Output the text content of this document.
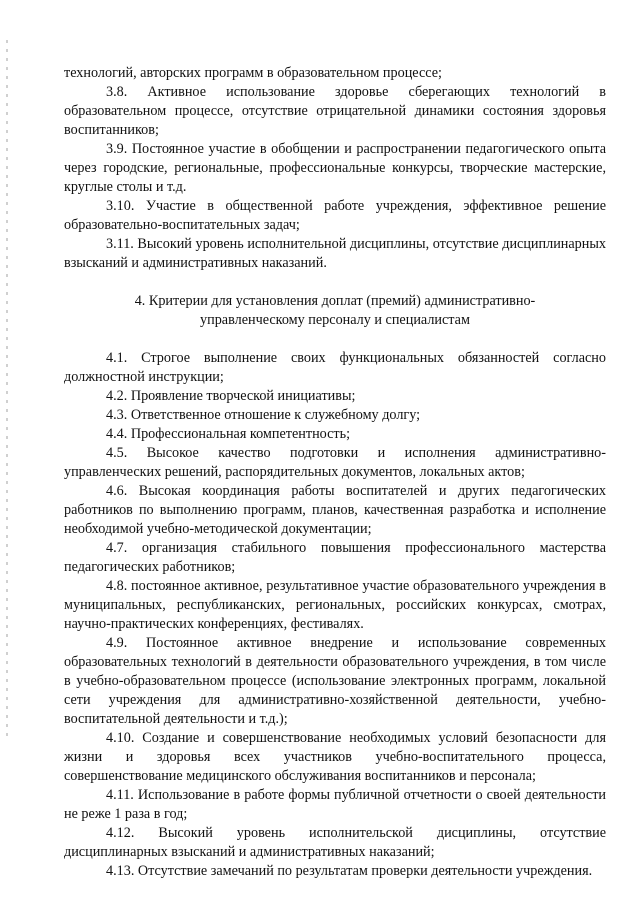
технологий, авторских программ в образовательном процессе;

3.8. Активное использование здоровье сберегающих технологий в образовательном процессе, отсутствие отрицательной динамики состояния здоровья воспитанников;

3.9. Постоянное участие в обобщении и распространении педагогического опыта через городские, региональные, профессиональные конкурсы, творческие мастерские, круглые столы и т.д.

3.10. Участие в общественной работе учреждения, эффективное решение образовательно-воспитательных задач;

3.11. Высокий уровень исполнительной дисциплины, отсутствие дисциплинарных взысканий и административных наказаний.

4. Критерии для установления доплат (премий) административно-управленческому персоналу и специалистам

4.1. Строгое выполнение своих функциональных обязанностей согласно должностной инструкции;

4.2. Проявление творческой инициативы;

4.3. Ответственное отношение к служебному долгу;

4.4. Профессиональная компетентность;

4.5. Высокое качество подготовки и исполнения административно-управленческих решений, распорядительных документов, локальных актов;

4.6. Высокая координация работы воспитателей и других педагогических работников по выполнению программ, планов, качественная разработка и исполнение необходимой учебно-методической документации;

4.7. организация стабильного повышения профессионального мастерства педагогических работников;

4.8. постоянное активное, результативное участие образовательного учреждения в муниципальных, республиканских, региональных, российских конкурсах, смотрах, научно-практических конференциях, фестивалях.

4.9. Постоянное активное внедрение и использование современных образовательных технологий в деятельности образовательного учреждения, в том числе в учебно-образовательном процессе (использование электронных программ, локальной сети учреждения для административно-хозяйственной деятельности, учебно-воспитательной деятельности и т.д.);

4.10. Создание и совершенствование необходимых условий безопасности для жизни и здоровья всех участников учебно-воспитательного процесса, совершенствование медицинского обслуживания воспитанников и персонала;

4.11. Использование в работе формы публичной отчетности о своей деятельности не реже 1 раза в год;

4.12. Высокий уровень исполнительской дисциплины, отсутствие дисциплинарных взысканий и административных наказаний;

4.13. Отсутствие замечаний по результатам проверки деятельности учреждения.
